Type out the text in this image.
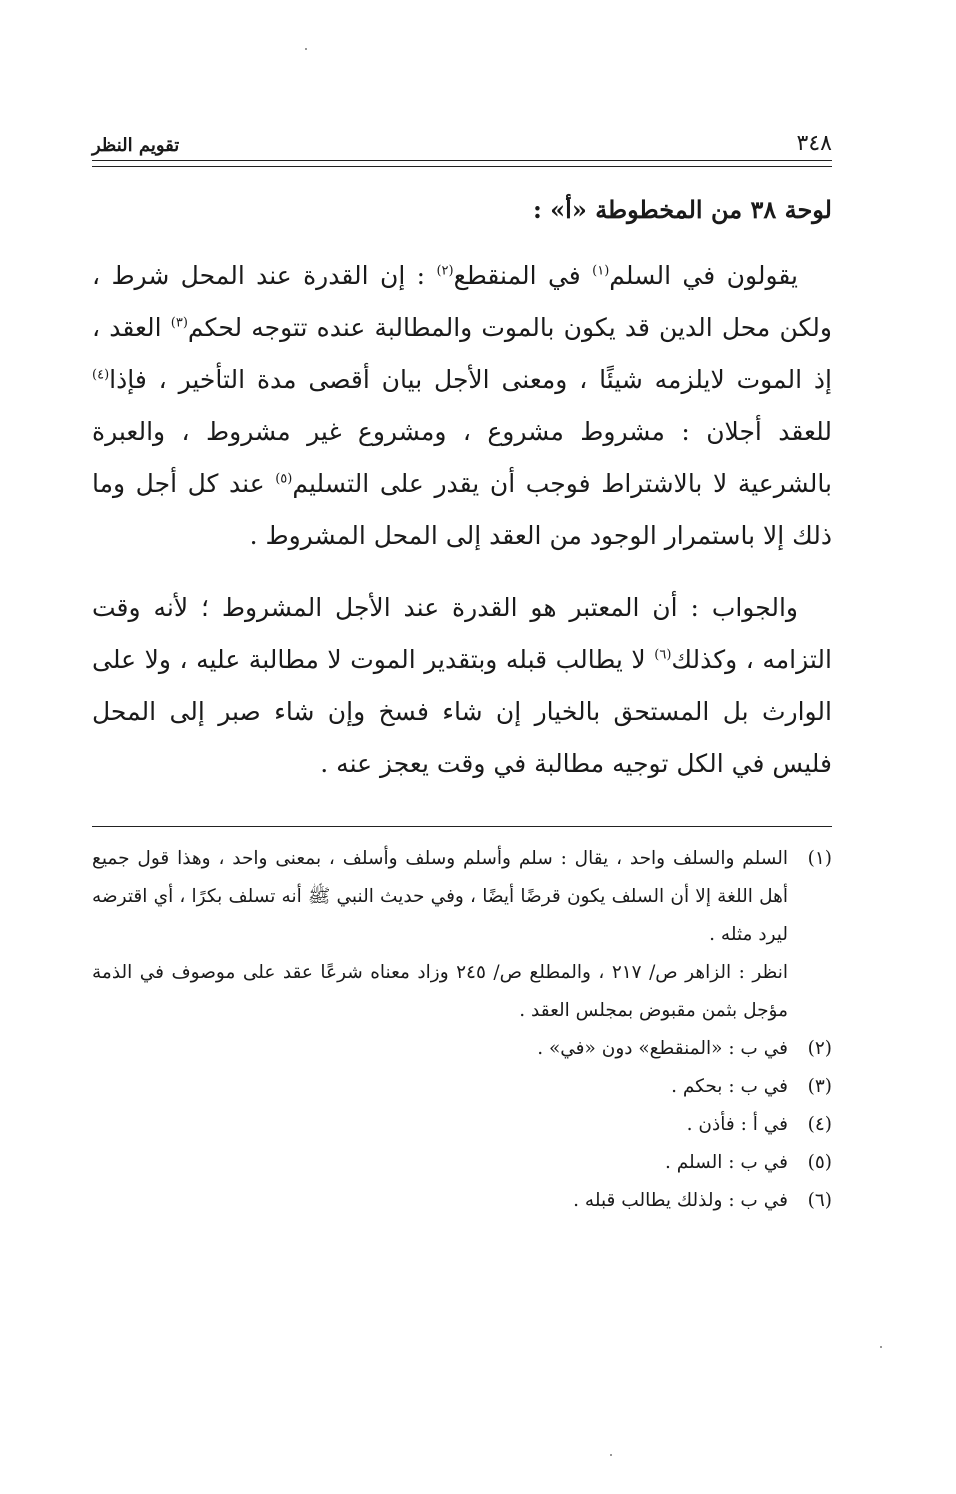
٣٤٨
تقويم النظر
لوحة ٣٨ من المخطوطة «أ» :

يقولون في السلم$^{(١)}$ في المنقطع$^{(٢)}$ : إن القدرة عند المحل شرط ، ولكن محل الدين قد يكون بالموت والمطالبة عنده تتوجه لحكم$^{(٣)}$ العقد ، إذ الموت لايلزمه شيئًا ، ومعنى الأجل بيان أقصى مدة التأخير ، فإذا$^{(٤)}$ للعقد أجلان : مشروط مشروع ، ومشروع غير مشروط ، والعبرة بالشرعية لا بالاشتراط فوجب أن يقدر على التسليم$^{(٥)}$ عند كل أجل وما ذلك إلا باستمرار الوجود من العقد إلى المحل المشروط .

والجواب : أن المعتبر هو القدرة عند الأجل المشروط ؛ لأنه وقت التزامه ، وكذلك$^{(٦)}$ لا يطالب قبله وبتقدير الموت لا مطالبة عليه ، ولا على الوارث بل المستحق بالخيار إن شاء فسخ وإن شاء صبر إلى المحل فليس في الكل توجيه مطالبة في وقت يعجز عنه .

(١)
السلم والسلف واحد ، يقال : سلم وأسلم وسلف وأسلف ، بمعنى واحد ، وهذا قول جميع أهل اللغة إلا أن السلف يكون قرضًا أيضًا ، وفي حديث النبي ﷺ أنه تسلف بكرًا ، أي اقترضه ليرد مثله .
انظر : الزاهر ص/ ٢١٧ ، والمطلع ص/ ٢٤٥ وزاد معناه شرعًا عقد على موصوف في الذمة مؤجل بثمن مقبوض بمجلس العقد .
(٢)
في ب : «المنقطع» دون «في» .
(٣)
في ب : بحكم .
(٤)
في أ : فأذن .
(٥)
في ب : السلم .
(٦)
في ب : ولذلك يطالب قبله .
